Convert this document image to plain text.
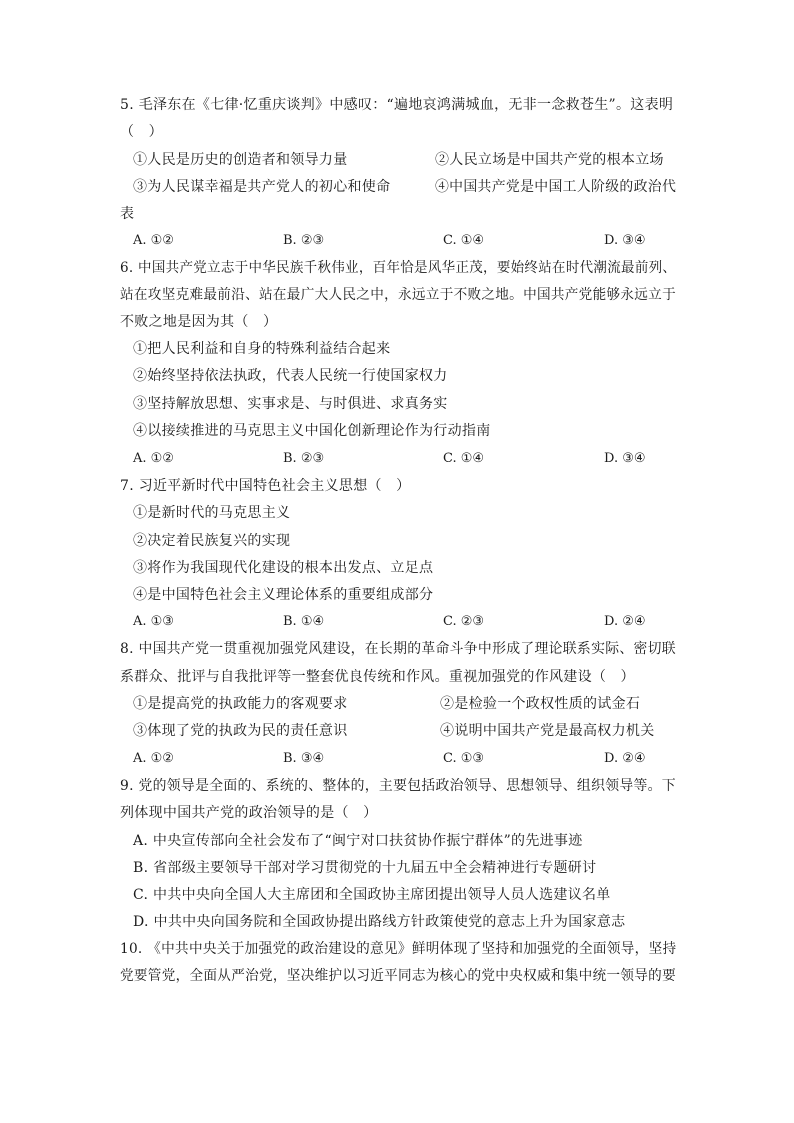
5. 毛泽东在《七律·忆重庆谈判》中感叹：“遍地哀鸿满城血，无非一念救苍生”。这表明
（　）
①人民是历史的创造者和领导力量	②人民立场是中国共产党的根本立场
③为人民谋幸福是共产党人的初心和使命	④中国共产党是中国工人阶级的政治代
表
A. ①②	B. ②③	C. ①④	D. ③④
6. 中国共产党立志于中华民族千秋伟业，百年恰是风华正茂，要始终站在时代潮流最前列、
站在攻坚克难最前沿、站在最广大人民之中，永远立于不败之地。中国共产党能够永远立于
不败之地是因为其（　）
①把人民利益和自身的特殊利益结合起来
②始终坚持依法执政，代表人民统一行使国家权力
③坚持解放思想、实事求是、与时俱进、求真务实
④以接续推进的马克思主义中国化创新理论作为行动指南
A. ①②	B. ②③	C. ①④	D. ③④
7. 习近平新时代中国特色社会主义思想（　）
①是新时代的马克思主义
②决定着民族复兴的实现
③将作为我国现代化建设的根本出发点、立足点
④是中国特色社会主义理论体系的重要组成部分
A. ①③	B. ①④	C. ②③	D. ②④
8. 中国共产党一贯重视加强党风建设，在长期的革命斗争中形成了理论联系实际、密切联
系群众、批评与自我批评等一整套优良传统和作风。重视加强党的作风建设（　）
①是提高党的执政能力的客观要求	②是检验一个政权性质的试金石
③体现了党的执政为民的责任意识	④说明中国共产党是最高权力机关
A. ①②	B. ③④	C. ①③	D. ②④
9. 党的领导是全面的、系统的、整体的，主要包括政治领导、思想领导、组织领导等。下
列体现中国共产党的政治领导的是（　）
A. 中央宣传部向全社会发布了“闽宁对口扶贫协作振宁群体”的先进事迹
B. 省部级主要领导干部对学习贯彻党的十九届五中全会精神进行专题研讨
C. 中共中央向全国人大主席团和全国政协主席团提出领导人员人选建议名单
D. 中共中央向国务院和全国政协提出路线方针政策使党的意志上升为国家意志
10. 《中共中央关于加强党的政治建设的意见》鲜明体现了坚持和加强党的全面领导，坚持
党要管党，全面从严治党，坚决维护以习近平同志为核心的党中央权威和集中统一领导的要
